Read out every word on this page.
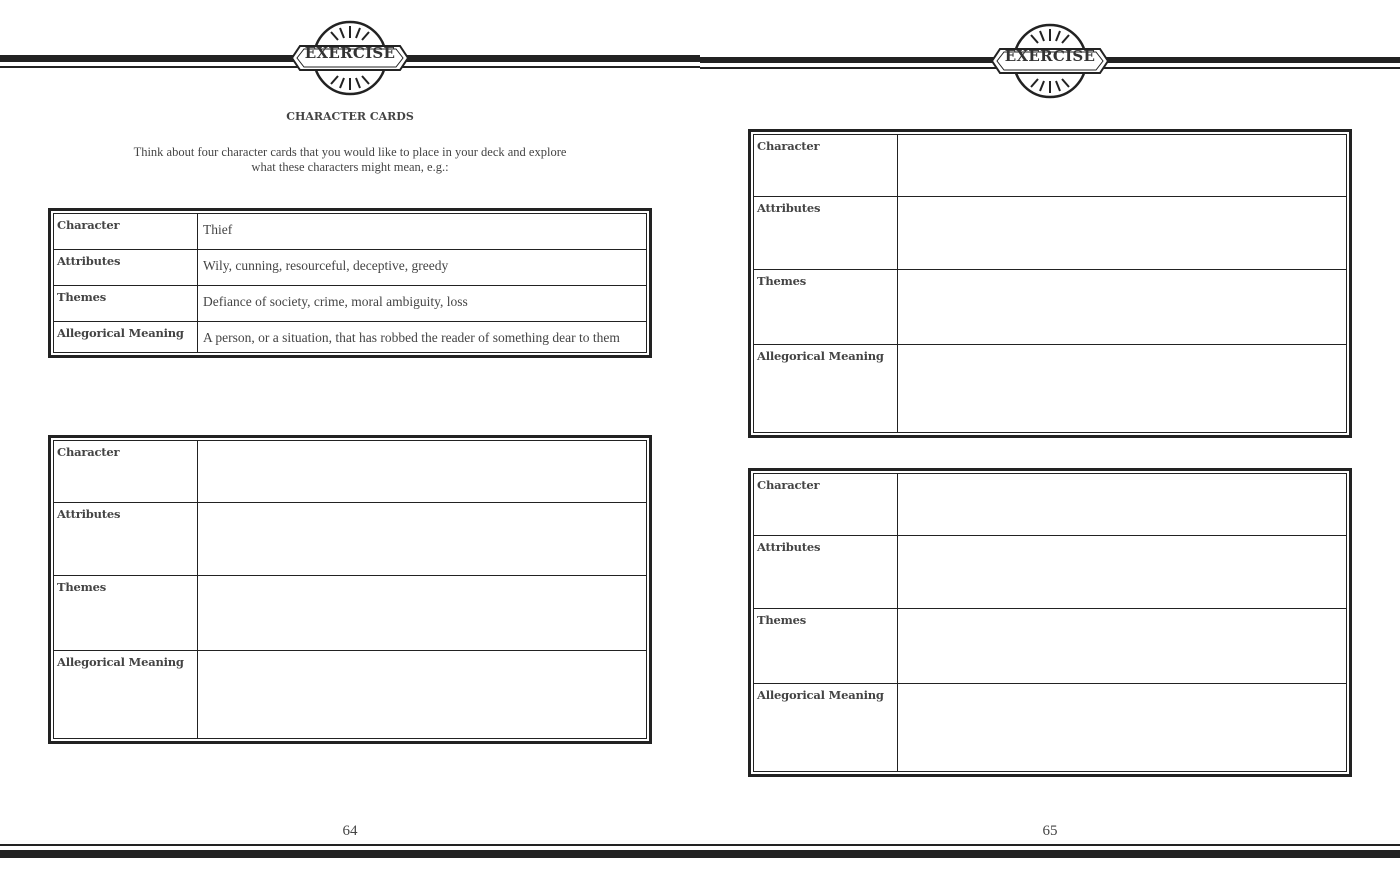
EXERCISE	EXERCISE
CHARACTER CARDS
Think about four character cards that you would like to place in your deck and explore
what these characters might mean, e.g.:
Character	Thief
Attributes	Wily, cunning, resourceful, deceptive, greedy
Themes	Defiance of society, crime, moral ambiguity, loss
Allegorical Meaning	A person, or a situation, that has robbed the reader of something dear to them
Character
Attributes
Themes
Allegorical Meaning
Character
Attributes
Themes
Allegorical Meaning
Character
Attributes
Themes
Allegorical Meaning
64	65
